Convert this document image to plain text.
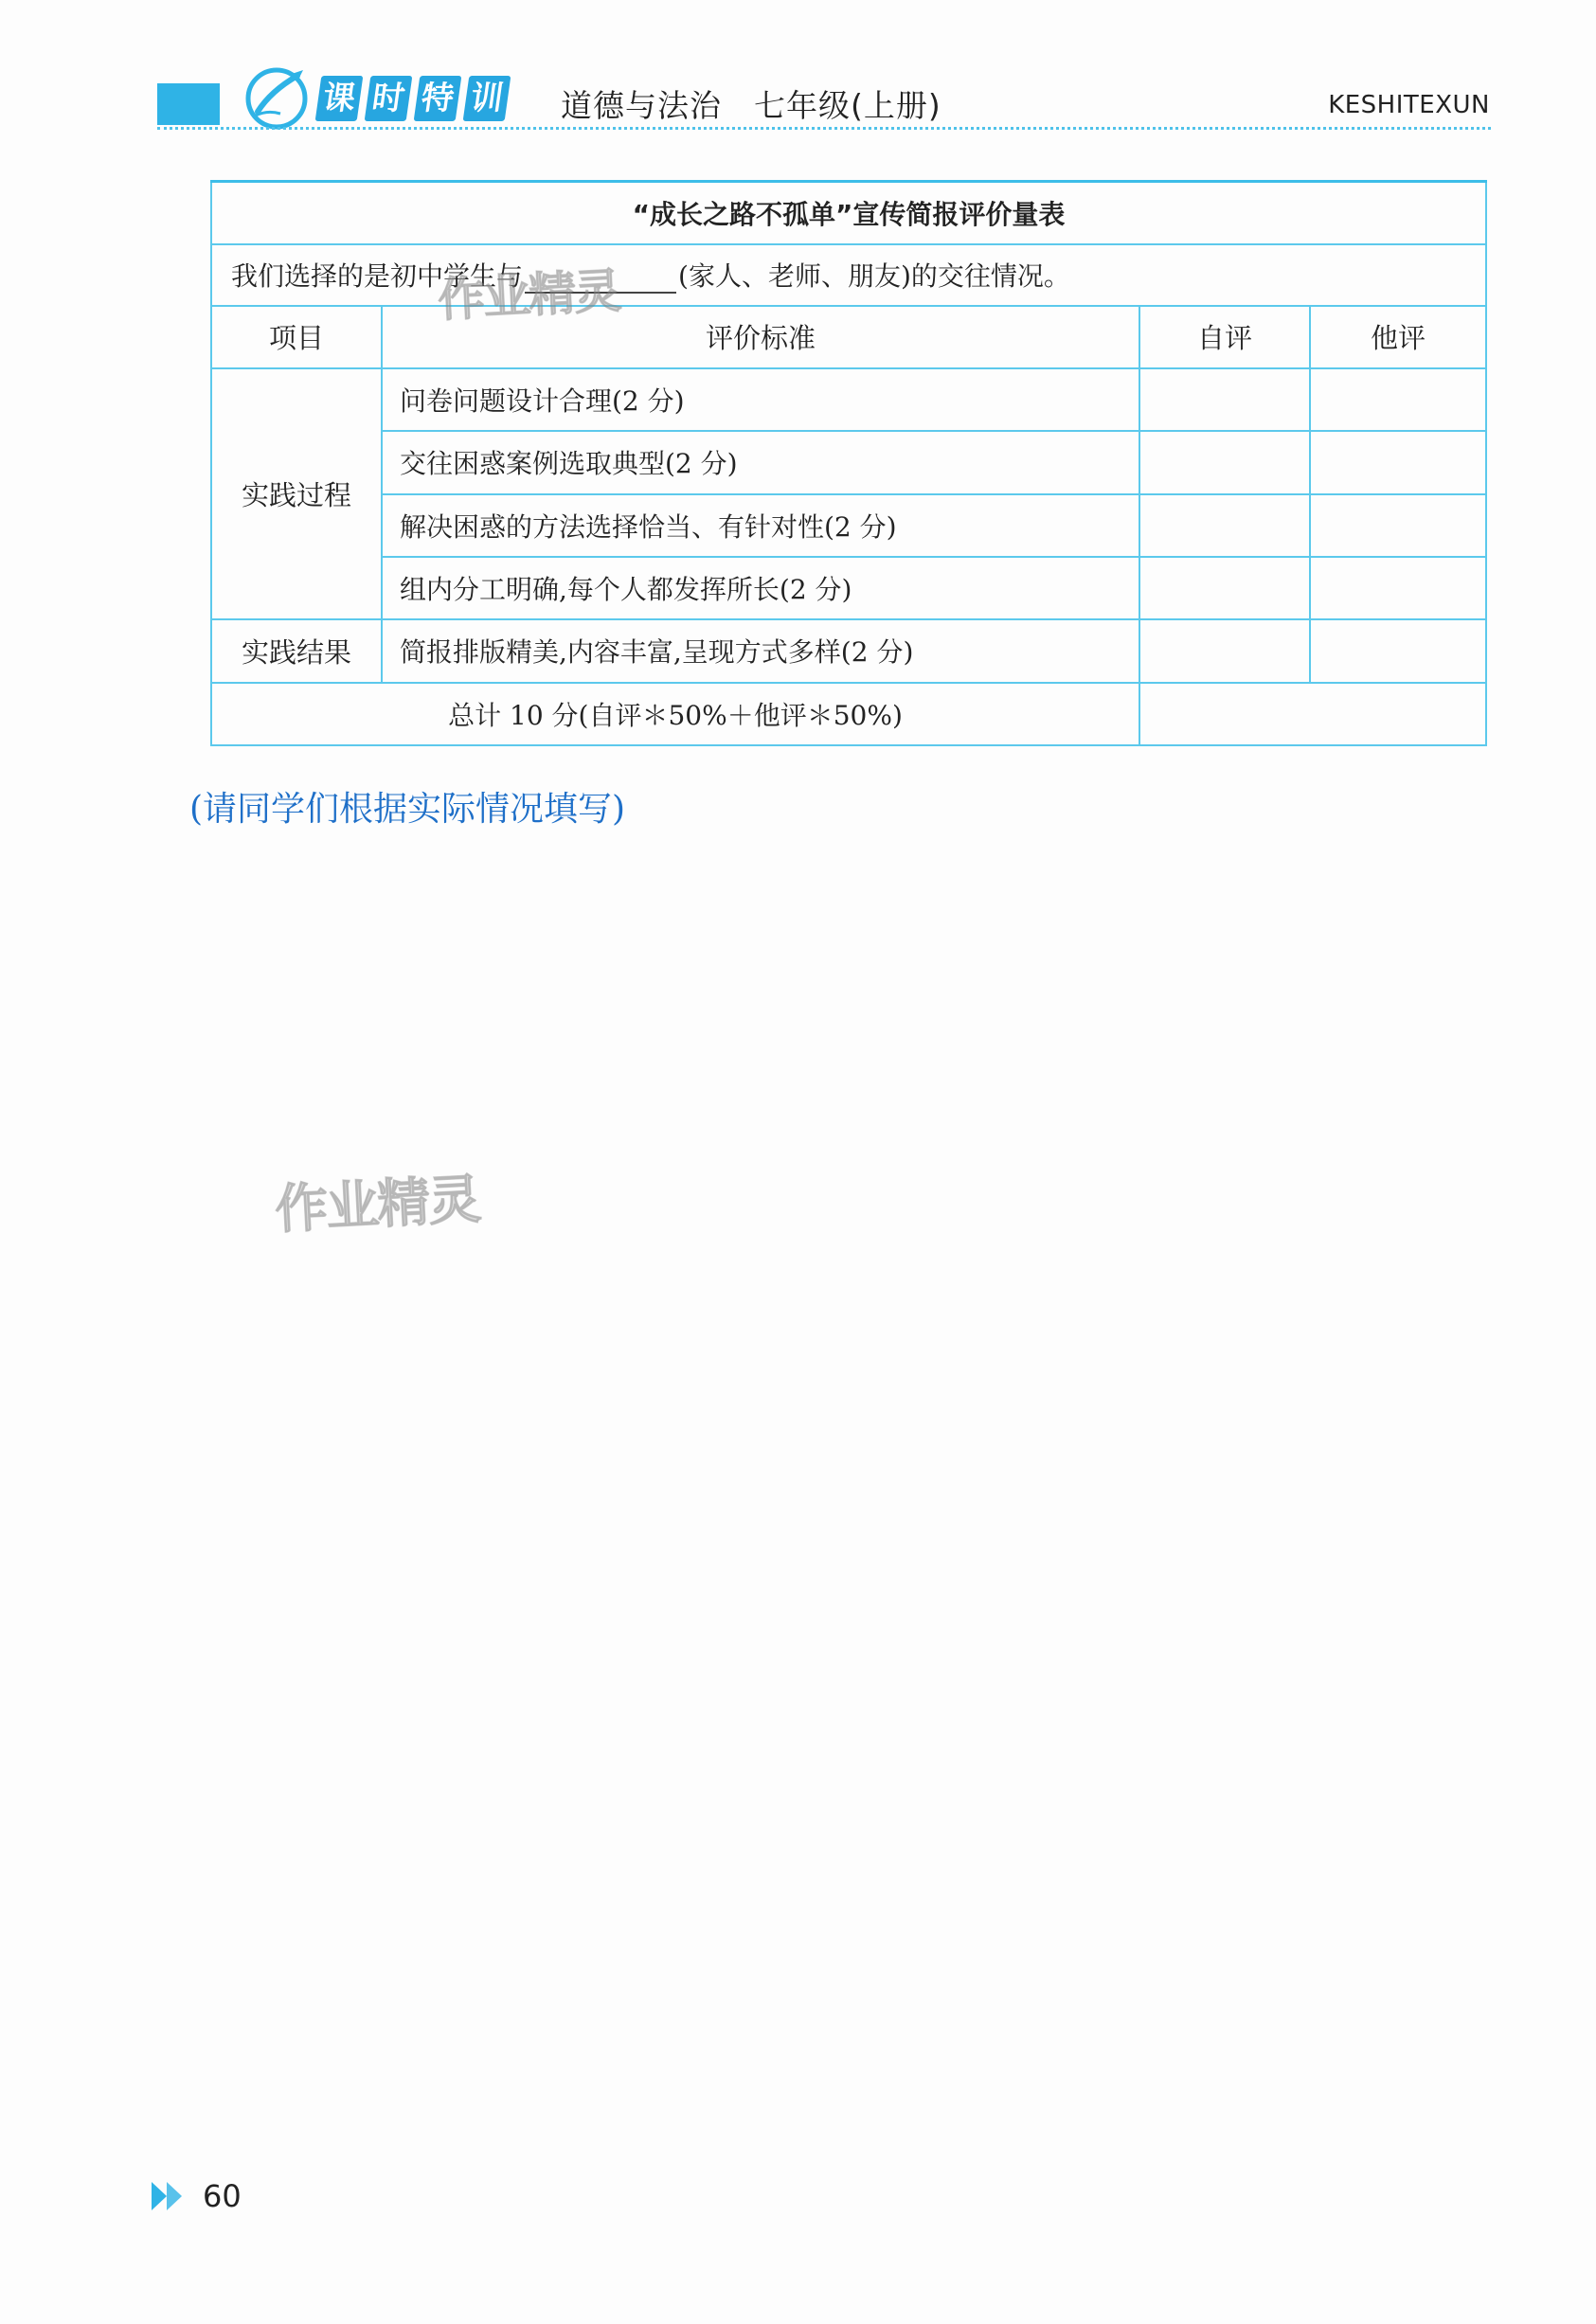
课 时 特 训 道德与法治　七年级(上册)	KESHITEXUN
“成长之路不孤单”宣传简报评价量表			
我们选择的是初中学生与 (家人、老师、朋友)的交往情况。			
项目	评价标准	自评	他评
实践过程	问卷问题设计合理(2 分)		
	交往困惑案例选取典型(2 分)		
	解决困惑的方法选择恰当、有针对性(2 分)		
	组内分工明确,每个人都发挥所长(2 分)		
实践结果	简报排版精美,内容丰富,呈现方式多样(2 分)		
总计 10 分(自评＊50%＋他评＊50%)			
(请同学们根据实际情况填写)
作业精灵
作业精灵
60
